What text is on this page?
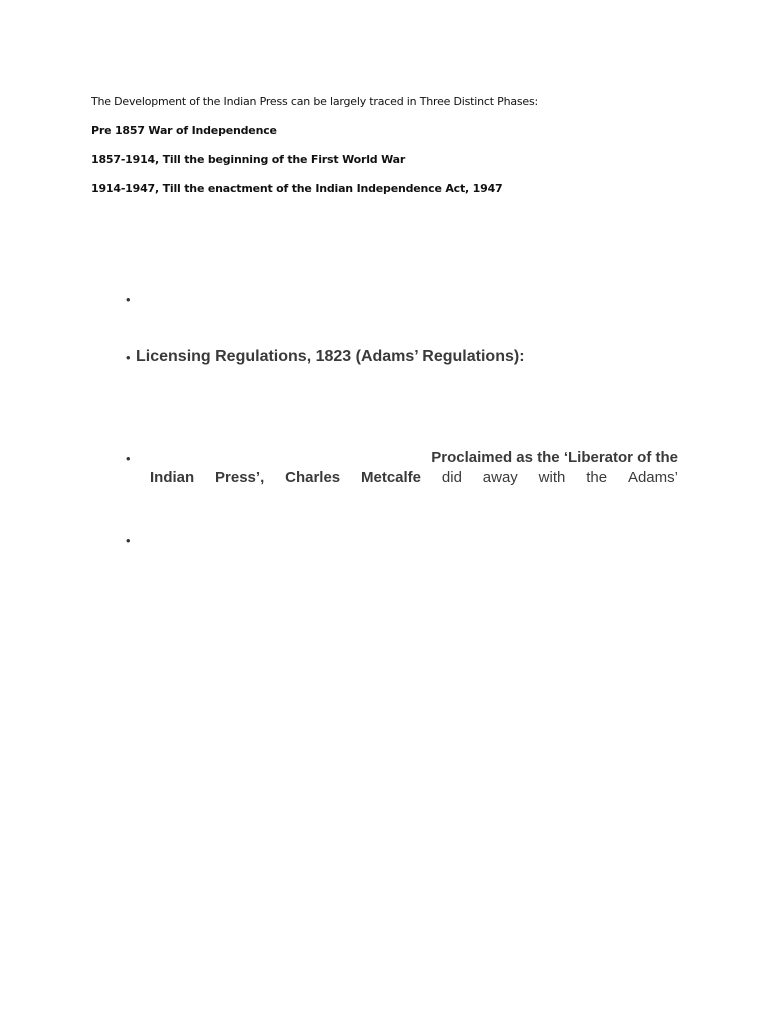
The Development of the Indian Press can be largely traced in Three Distinct Phases:
Pre 1857 War of Independence
1857-1914, Till the beginning of the First World War
1914-1947, Till the enactment of the Indian Independence Act, 1947
•
• Licensing Regulations, 1823 (Adams’ Regulations):
•	Proclaimed as the ‘Liberator of the
Indian Press’, Charles Metcalfe did away with the Adams’
•
